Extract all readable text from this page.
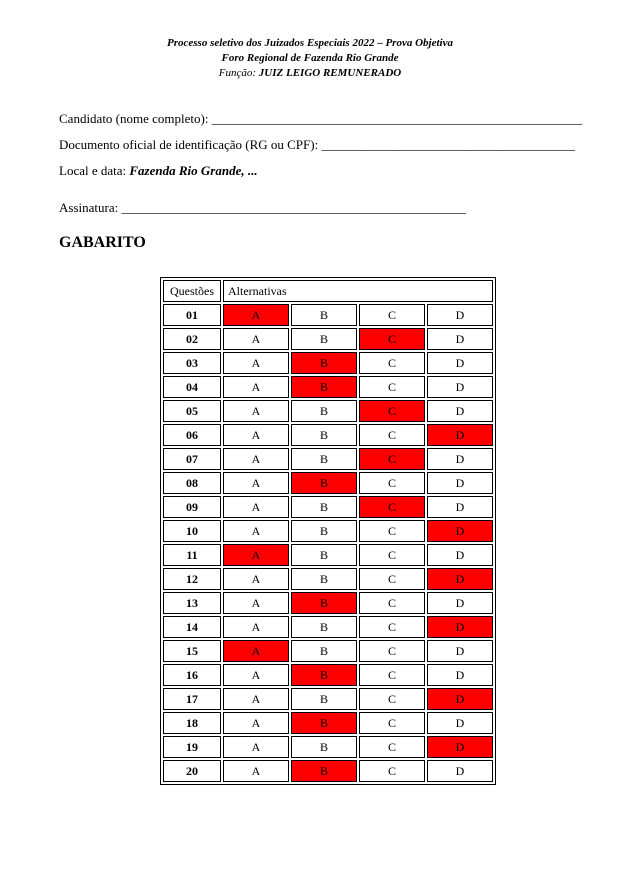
Processo seletivo dos Juizados Especiais 2022 – Prova Objetiva
Foro Regional de Fazenda Rio Grande
Função: JUIZ LEIGO REMUNERADO
Candidato (nome completo): _________________________________________________________
Documento oficial de identificação (RG ou CPF): _______________________________________
Local e data: Fazenda Rio Grande, ...
Assinatura: _____________________________________________________
GABARITO
Questões	Alternativas			
01	A	B	C	D
02	A	B	C	D
03	A	B	C	D
04	A	B	C	D
05	A	B	C	D
06	A	B	C	D
07	A	B	C	D
08	A	B	C	D
09	A	B	C	D
10	A	B	C	D
11	A	B	C	D
12	A	B	C	D
13	A	B	C	D
14	A	B	C	D
15	A	B	C	D
16	A	B	C	D
17	A	B	C	D
18	A	B	C	D
19	A	B	C	D
20	A	B	C	D
